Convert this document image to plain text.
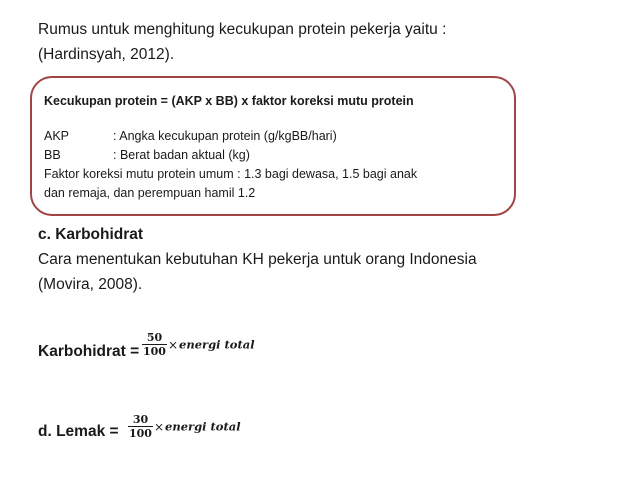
Rumus untuk menghitung kecukupan protein pekerja yaitu :
(Hardinsyah, 2012).
Kecukupan protein = (AKP x BB) x faktor koreksi mutu protein
AKP	: Angka kecukupan protein (g/kgBB/hari)
BB	: Berat badan aktual (kg)
Faktor koreksi mutu protein umum : 1.3 bagi dewasa, 1.5 bagi anak
dan remaja, dan perempuan hamil 1.2
c. Karbohidrat
Cara menentukan kebutuhan KH pekerja untuk orang Indonesia
(Movira, 2008).
Karbohidrat = $\frac{50}{100}$ ×energi total
d. Lemak = $\frac{30}{100}$ ×energi total
